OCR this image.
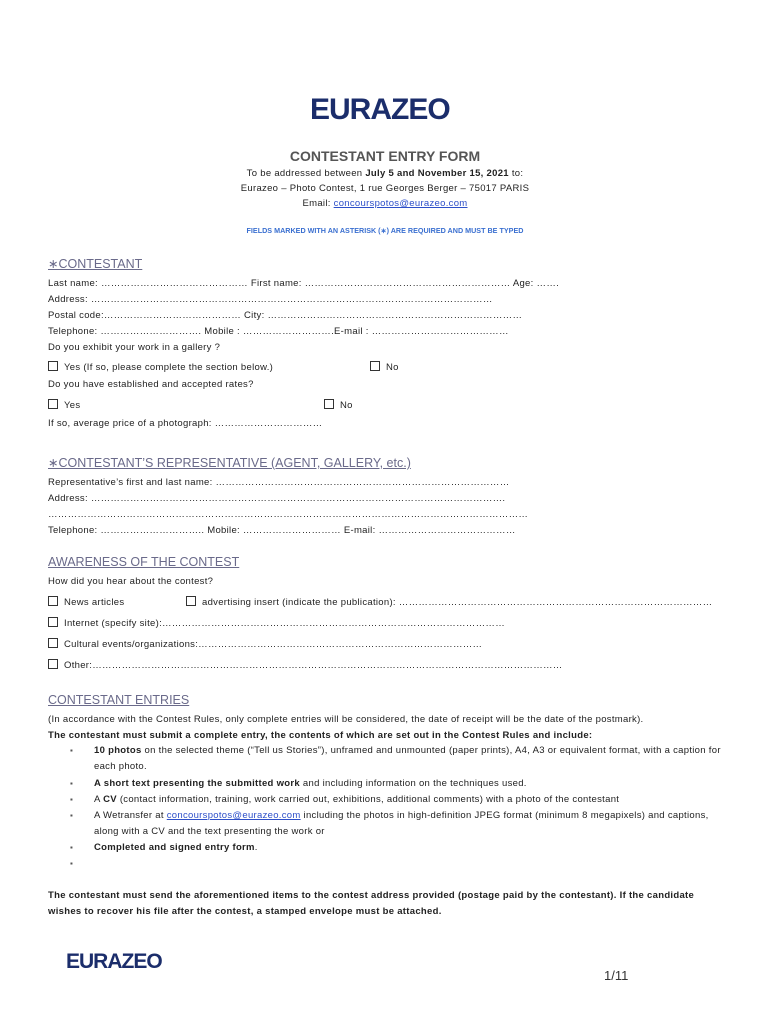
EURAZEO
CONTESTANT ENTRY FORM
To be addressed between July 5 and November 15, 2021 to:
Eurazeo – Photo Contest, 1 rue Georges Berger – 75017 PARIS
Email: concourspotos@eurazeo.com
FIELDS MARKED WITH AN ASTERISK (∗) ARE REQUIRED AND MUST BE TYPED
∗CONTESTANT
Last name: ……………………………………… First name: ……………………………………………………… Age: …….
Address: ……………………………………………………………………………………………………………
Postal code:…………………………………… City: ……………………………………………………………………
Telephone: …………………………. Mobile : ……………………….E-mail : ……………………………………
Do you exhibit your work in a gallery ?
Yes (If so, please complete the section below.)	No
Do you have established and accepted rates?
Yes	No
If so, average price of a photograph: ……………………………
∗CONTESTANT’S REPRESENTATIVE (AGENT, GALLERY, etc.)
Representative’s first and last name: ………………………………………………………………………………
Address: ……………………………………………………………………………………………………………….
…………………………………………………………………………………………………………………………………
Telephone: ………………………….. Mobile: ………………………… E-mail: ……………………………………
AWARENESS OF THE CONTEST
How did you hear about the contest?
News articles	advertising insert (indicate the publication): ……………………………………………………………………………………
Internet (specify site):……………………………………………………………………………………………
Cultural events/organizations:……………………………………………………………………………
Other:………………………………………………………………………………………………………………………………
CONTESTANT ENTRIES
(In accordance with the Contest Rules, only complete entries will be considered, the date of receipt will be the date of the postmark).
The contestant must submit a complete entry, the contents of which are set out in the Contest Rules and include:
▪ 10 photos on the selected theme (“Tell us Stories”), unframed and unmounted (paper prints), A4, A3 or equivalent format, with a caption for each photo.
▪ A short text presenting the submitted work and including information on the techniques used.
▪ A CV (contact information, training, work carried out, exhibitions, additional comments) with a photo of the contestant
▪ A Wetransfer at concourspotos@eurazeo.com including the photos in high-definition JPEG format (minimum 8 megapixels) and captions, along with a CV and the text presenting the work or
▪ Completed and signed entry form.
▪
The contestant must send the aforementioned items to the contest address provided (postage paid by the contestant). If the candidate wishes to recover his file after the contest, a stamped envelope must be attached.
EURAZEO
1/11
